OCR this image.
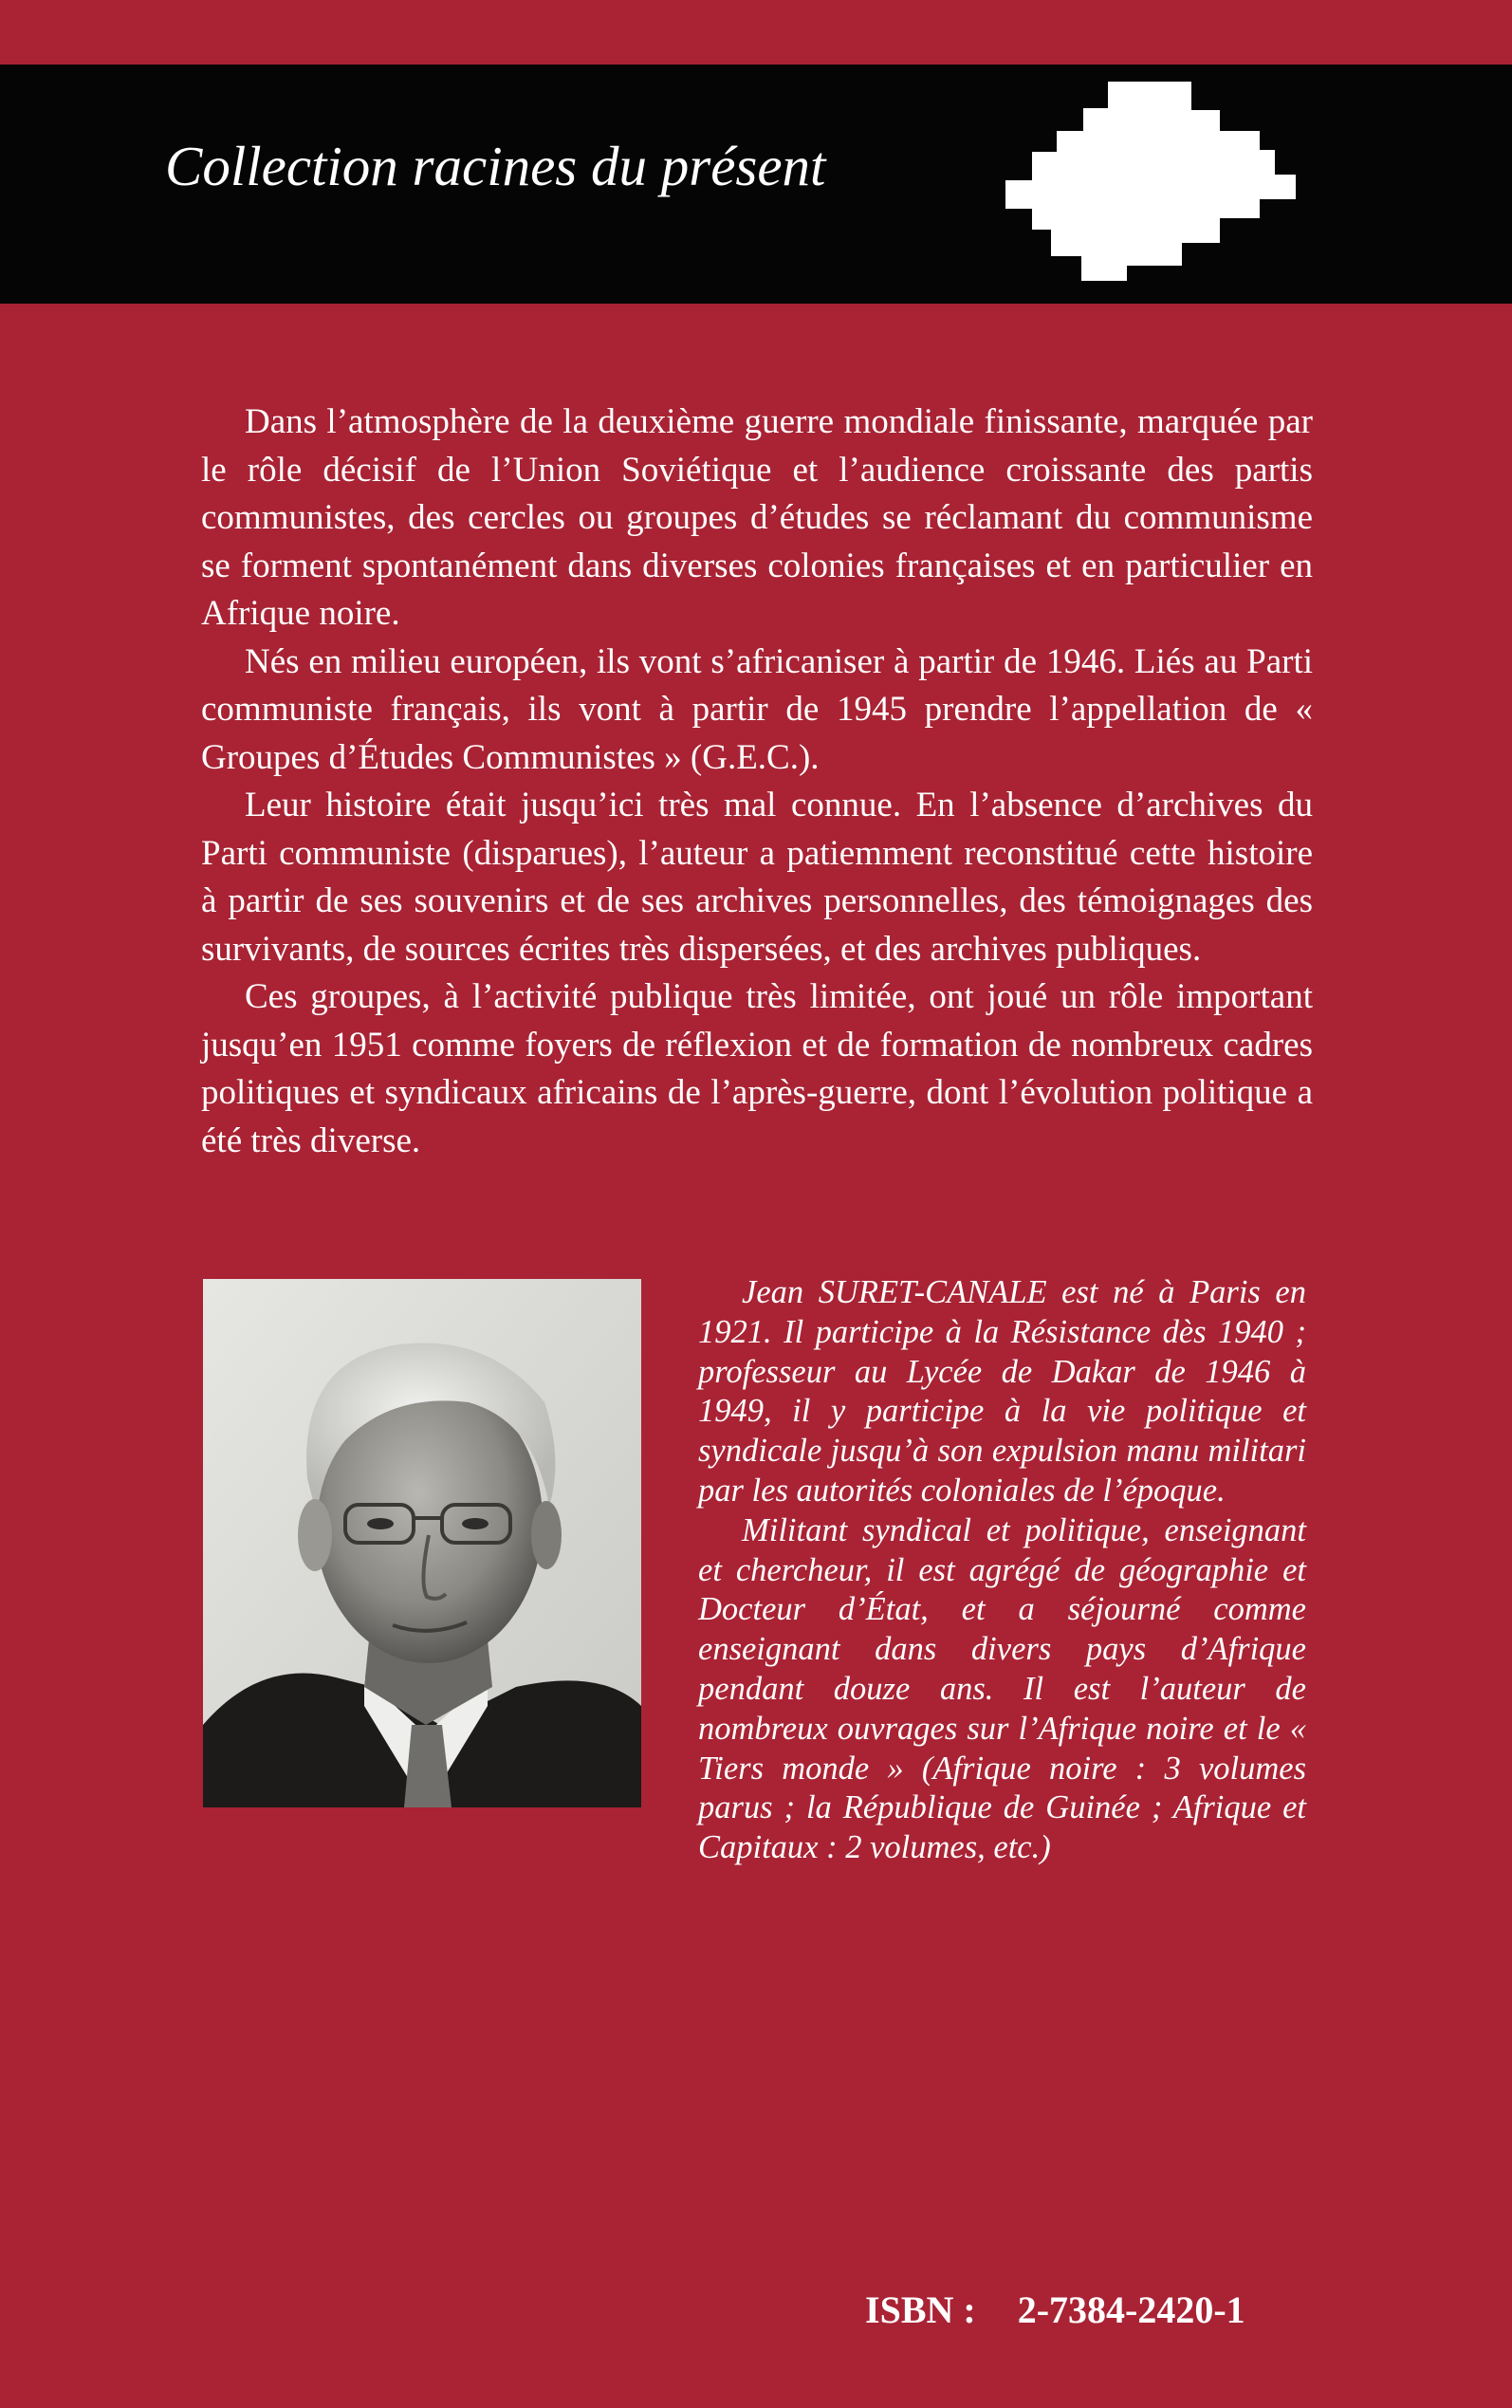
Collection racines du présent

Dans l’atmosphère de la deuxième guerre mondiale finissante, marquée par le rôle décisif de l’Union Soviétique et l’audience croissante des partis communistes, des cercles ou groupes d’études se réclamant du communisme se forment spontanément dans diverses colonies françaises et en particulier en Afrique noire.

Nés en milieu européen, ils vont s’africaniser à partir de 1946. Liés au Parti communiste français, ils vont à partir de 1945 prendre l’appellation de « Groupes d’Études Communistes » (G.E.C.).

Leur histoire était jusqu’ici très mal connue. En l’absence d’archives du Parti communiste (disparues), l’auteur a patiemment reconstitué cette histoire à partir de ses souvenirs et de ses archives personnelles, des témoignages des survivants, de sources écrites très dispersées, et des archives publiques.

Ces groupes, à l’activité publique très limitée, ont joué un rôle important jusqu’en 1951 comme foyers de réflexion et de formation de nombreux cadres politiques et syndicaux africains de l’après-guerre, dont l’évolution politique a été très diverse.

Jean SURET-CANALE est né à Paris en 1921. Il participe à la Résistance dès 1940 ; professeur au Lycée de Dakar de 1946 à 1949, il y participe à la vie politique et syndicale jusqu’à son expulsion manu militari par les autorités coloniales de l’époque.

Militant syndical et politique, enseignant et chercheur, il est agrégé de géographie et Docteur d’État, et a séjourné comme enseignant dans divers pays d’Afrique pendant douze ans. Il est l’auteur de nombreux ouvrages sur l’Afrique noire et le « Tiers monde » (Afrique noire : 3 volumes parus ; la République de Guinée ; Afrique et Capitaux : 2 volumes, etc.)

ISBN : 2-7384-2420-1
